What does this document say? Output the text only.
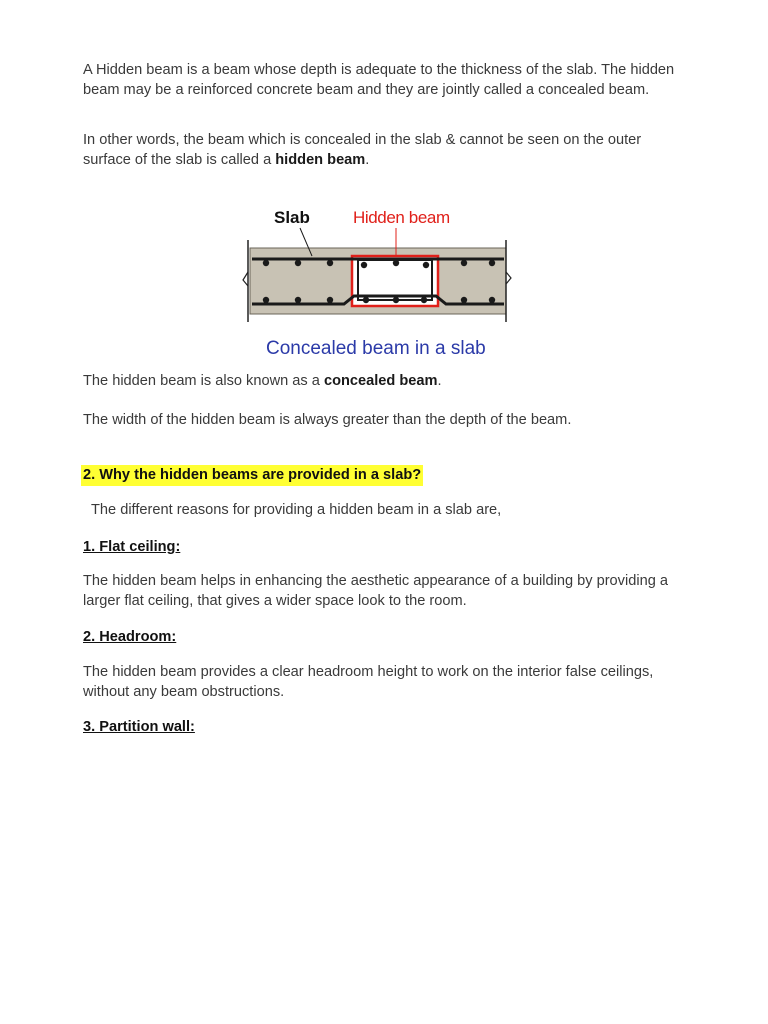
A Hidden beam is a beam whose depth is adequate to the thickness of the slab. The hidden beam may be a reinforced concrete beam and they are jointly called a concealed beam.

In other words, the beam which is concealed in the slab & cannot be seen on the outer surface of the slab is called a hidden beam.

Slab	Hidden beam
Concealed beam in a slab

The hidden beam is also known as a concealed beam.

The width of the hidden beam is always greater than the depth of the beam.

2. Why the hidden beams are provided in a slab?

The different reasons for providing a hidden beam in a slab are,

1. Flat ceiling:

The hidden beam helps in enhancing the aesthetic appearance of a building by providing a larger flat ceiling, that gives a wider space look to the room.

2. Headroom:

The hidden beam provides a clear headroom height to work on the interior false ceilings, without any beam obstructions.

3. Partition wall:
